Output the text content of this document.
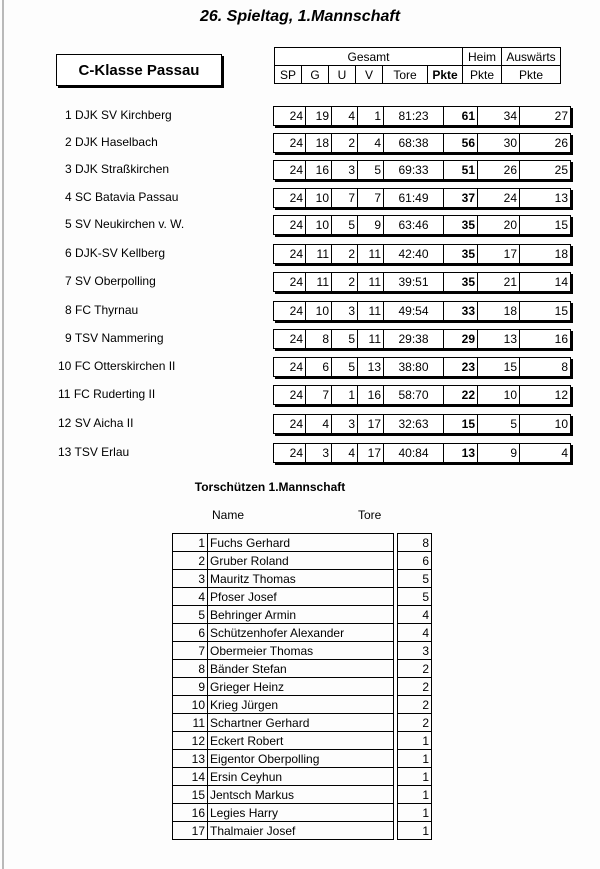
26. Spieltag, 1.Mannschaft
C-Klasse Passau
Gesamt						Heim	Auswärts
SP	G	U	V	Tore	Pkte	Pkte	Pkte
1 DJK SV Kirchberg	24	19	4	1	81:23	61	34	27
2 DJK Haselbach	24	18	2	4	68:38	56	30	26
3 DJK Straßkirchen	24	16	3	5	69:33	51	26	25
4 SC Batavia Passau	24	10	7	7	61:49	37	24	13
5 SV Neukirchen v. W.	24	10	5	9	63:46	35	20	15
6 DJK-SV Kellberg	24	11	2	11	42:40	35	17	18
7 SV Oberpolling	24	11	2	11	39:51	35	21	14
8 FC Thyrnau	24	10	3	11	49:54	33	18	15
9 TSV Nammering	24	8	5	11	29:38	29	13	16
10 FC Otterskirchen II	24	6	5	13	38:80	23	15	8
11 FC Ruderting II	24	7	1	16	58:70	22	10	12
12 SV Aicha II	24	4	3	17	32:63	15	5	10
13 TSV Erlau	24	3	4	17	40:84	13	9	4
Torschützen 1.Mannschaft
Name	Tore
1	Fuchs Gerhard		8
2	Gruber Roland		6
3	Mauritz Thomas		5
4	Pfoser Josef		5
5	Behringer Armin		4
6	Schützenhofer Alexander		4
7	Obermeier Thomas		3
8	Bänder Stefan		2
9	Grieger Heinz		2
10	Krieg Jürgen		2
11	Schartner Gerhard		2
12	Eckert Robert		1
13	Eigentor Oberpolling		1
14	Ersin Ceyhun		1
15	Jentsch Markus		1
16	Legies Harry		1
17	Thalmaier Josef		1
